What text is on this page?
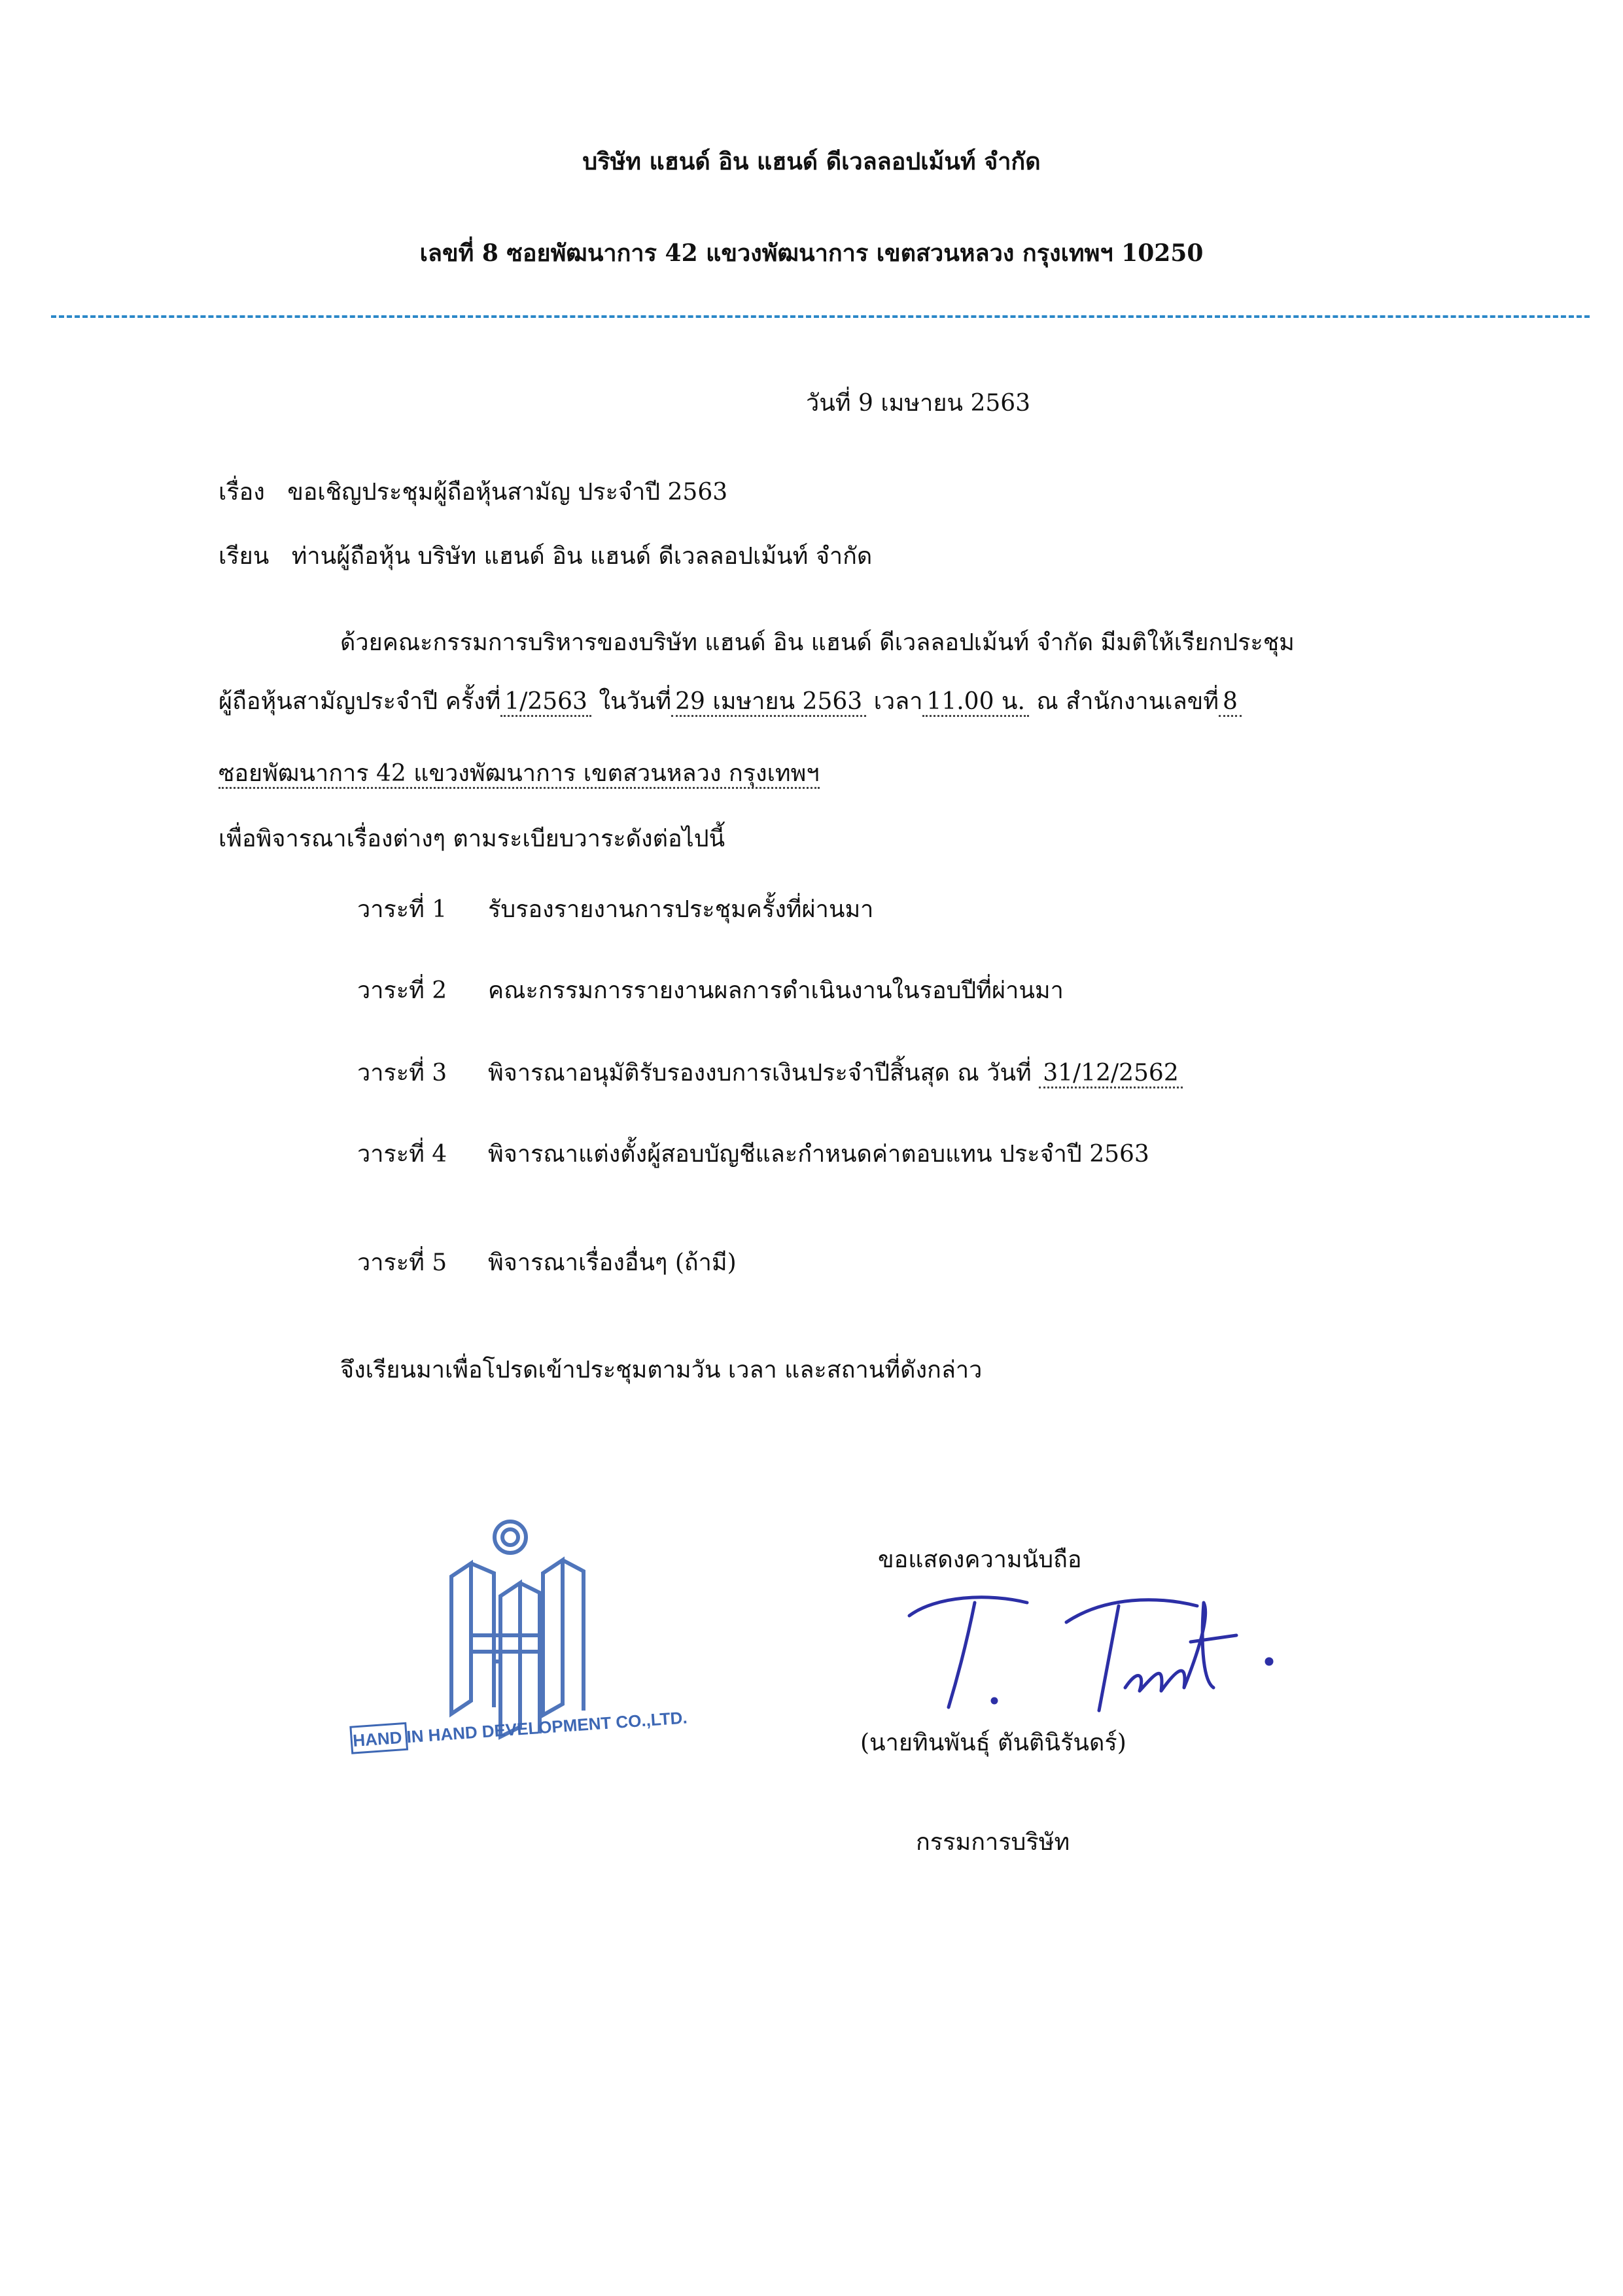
บริษัท แฮนด์ อิน แฮนด์ ดีเวลลอปเม้นท์ จำกัด
เลขที่ 8 ซอยพัฒนาการ 42 แขวงพัฒนาการ เขตสวนหลวง กรุงเทพฯ 10250
วันที่ 9 เมษายน 2563
เรื่อง ขอเชิญประชุมผู้ถือหุ้นสามัญ ประจำปี 2563
เรียน ท่านผู้ถือหุ้น บริษัท แฮนด์ อิน แฮนด์ ดีเวลลอปเม้นท์ จำกัด
ด้วยคณะกรรมการบริหารของบริษัท แฮนด์ อิน แฮนด์ ดีเวลลอปเม้นท์ จำกัด มีมติให้เรียกประชุม
ผู้ถือหุ้นสามัญประจำปี ครั้งที่ 1/2563 ในวันที่ 29 เมษายน 2563 เวลา 11.00 น. ณ สำนักงานเลขที่ 8
ซอยพัฒนาการ 42 แขวงพัฒนาการ เขตสวนหลวง กรุงเทพฯ
เพื่อพิจารณาเรื่องต่างๆ ตามระเบียบวาระดังต่อไปนี้
วาระที่ 1 รับรองรายงานการประชุมครั้งที่ผ่านมา
วาระที่ 2 คณะกรรมการรายงานผลการดำเนินงานในรอบปีที่ผ่านมา
วาระที่ 3 พิจารณาอนุมัติรับรองงบการเงินประจำปีสิ้นสุด ณ วันที่ 31/12/2562
วาระที่ 4 พิจารณาแต่งตั้งผู้สอบบัญชีและกำหนดค่าตอบแทน ประจำปี 2563
วาระที่ 5 พิจารณาเรื่องอื่นๆ (ถ้ามี)
จึงเรียนมาเพื่อโปรดเข้าประชุมตามวัน เวลา และสถานที่ดังกล่าว
HAND IN HAND DEVELOPMENT CO.,LTD.
ขอแสดงความนับถือ
(นายทินพันธุ์ ตันตินิรันดร์)
กรรมการบริษัท
